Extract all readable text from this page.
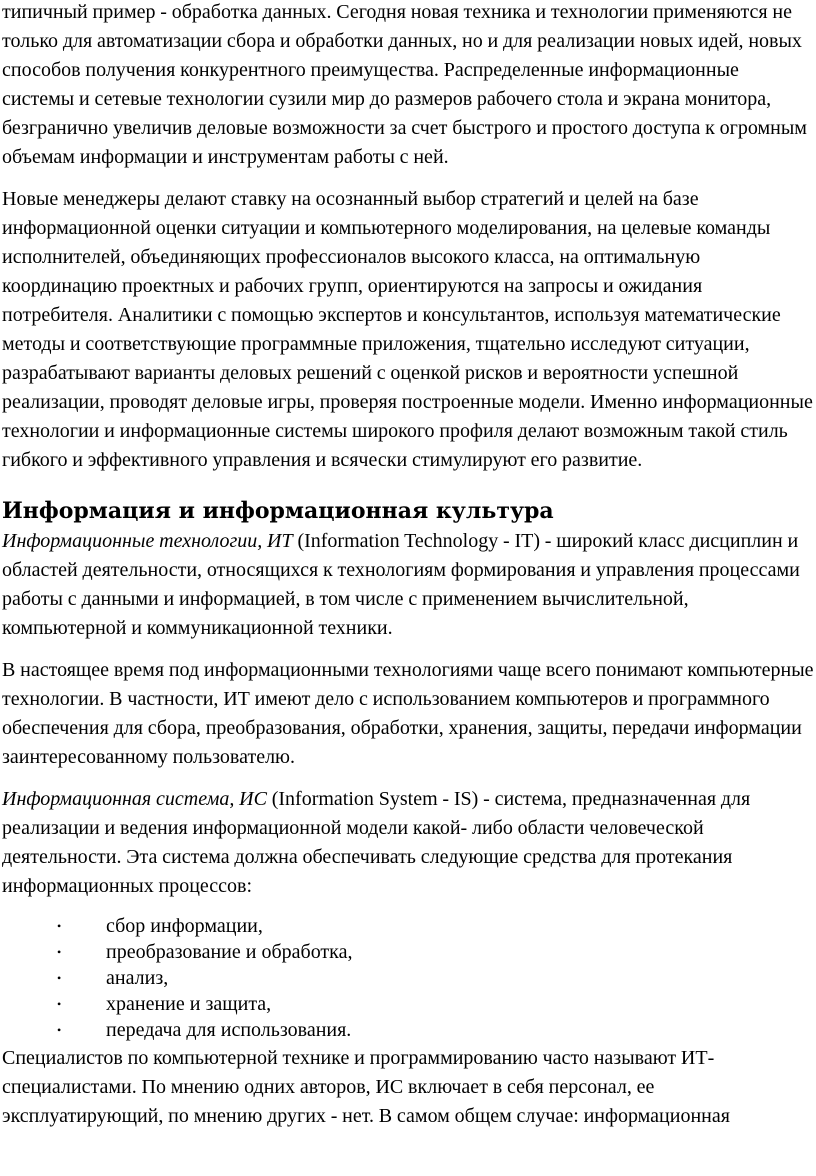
типичный пример - обработка данных. Сегодня новая техника и технологии применяются не только для автоматизации сбора и обработки данных, но и для реализации новых идей, новых способов получения конкурентного преимущества. Распределенные информационные системы и сетевые технологии сузили мир до размеров рабочего стола и экрана монитора, безгранично увеличив деловые возможности за счет быстрого и простого доступа к огромным объемам информации и инструментам работы с ней.

Новые менеджеры делают ставку на осознанный выбор стратегий и целей на базе информационной оценки ситуации и компьютерного моделирования, на целевые команды исполнителей, объединяющих профессионалов высокого класса, на оптимальную координацию проектных и рабочих групп, ориентируются на запросы и ожидания потребителя. Аналитики с помощью экспертов и консультантов, используя математические методы и соответствующие программные приложения, тщательно исследуют ситуации, разрабатывают варианты деловых решений с оценкой рисков и вероятности успешной реализации, проводят деловые игры, проверяя построенные модели. Именно информационные технологии и информационные системы широкого профиля делают возможным такой стиль гибкого и эффективного управления и всячески стимулируют его развитие.

Информация и информационная культура

Информационные технологии, ИТ (Information Technology - IT) - широкий класс дисциплин и областей деятельности, относящихся к технологиям формирования и управления процессами работы с данными и информацией, в том числе с применением вычислительной, компьютерной и коммуникационной техники.

В настоящее время под информационными технологиями чаще всего понимают компьютерные технологии. В частности, ИТ имеют дело с использованием компьютеров и программного обеспечения для сбора, преобразования, обработки, хранения, защиты, передачи информации заинтересованному пользователю.

Информационная система, ИС (Information System - IS) - система, предназначенная для реализации и ведения информационной модели какой- либо области человеческой деятельности. Эта система должна обеспечивать следующие средства для протекания информационных процессов:

• сбор информации,
• преобразование и обработка,
• анализ,
• хранение и защита,
• передача для использования.

Специалистов по компьютерной технике и программированию часто называют ИТ-специалистами. По мнению одних авторов, ИС включает в себя персонал, ее эксплуатирующий, по мнению других - нет. В самом общем случае: информационная
